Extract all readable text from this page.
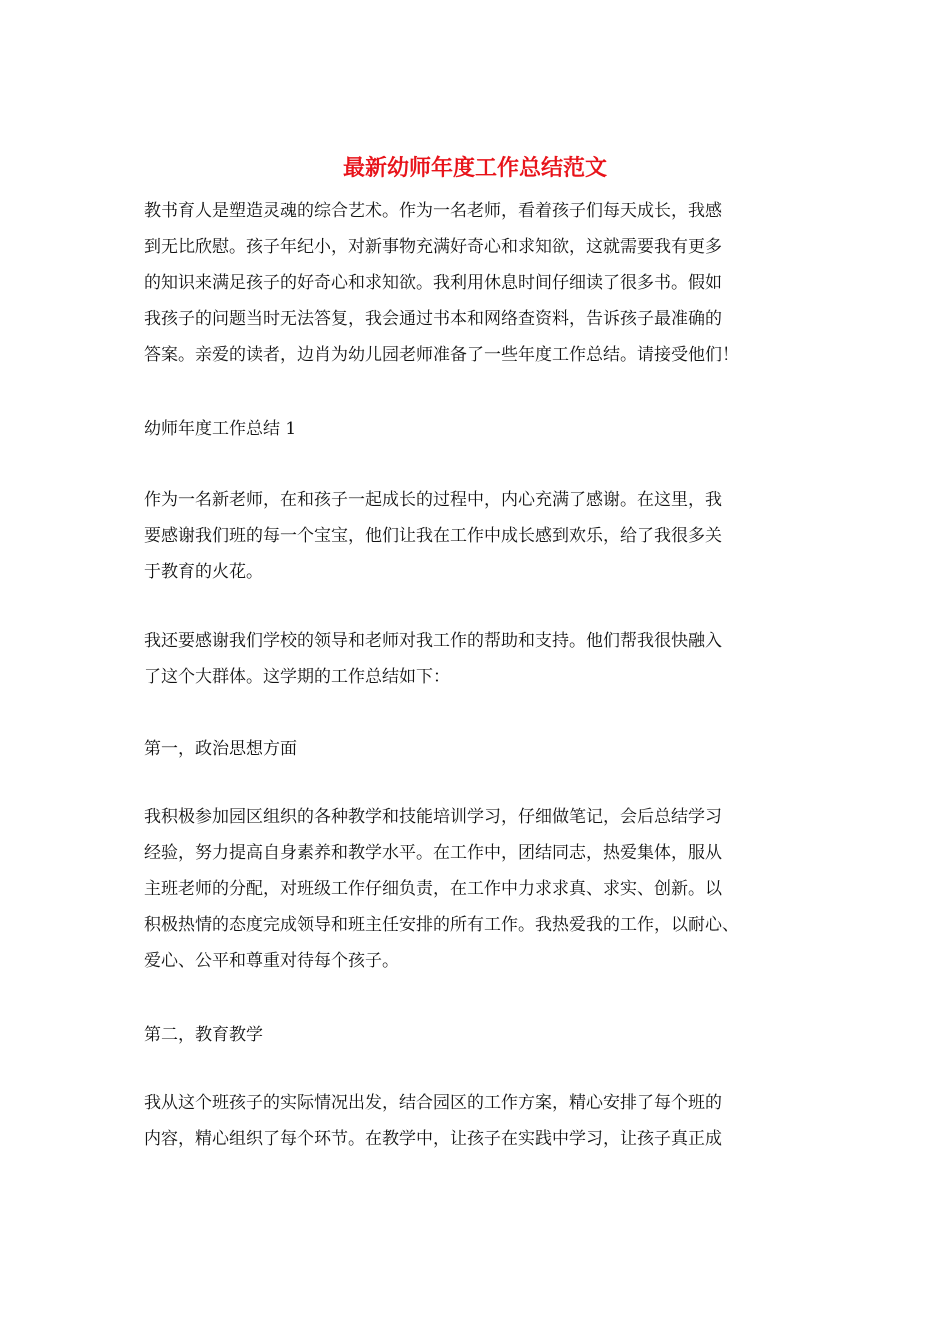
最新幼师年度工作总结范文
教书育人是塑造灵魂的综合艺术。作为一名老师，看着孩子们每天成长，我感
到无比欣慰。孩子年纪小，对新事物充满好奇心和求知欲，这就需要我有更多
的知识来满足孩子的好奇心和求知欲。我利用休息时间仔细读了很多书。假如
我孩子的问题当时无法答复，我会通过书本和网络查资料，告诉孩子最准确的
答案。亲爱的读者，边肖为幼儿园老师准备了一些年度工作总结。请接受他们！
幼师年度工作总结 1
作为一名新老师，在和孩子一起成长的过程中，内心充满了感谢。在这里，我
要感谢我们班的每一个宝宝，他们让我在工作中成长感到欢乐，给了我很多关
于教育的火花。
我还要感谢我们学校的领导和老师对我工作的帮助和支持。他们帮我很快融入
了这个大群体。这学期的工作总结如下：
第一，政治思想方面
我积极参加园区组织的各种教学和技能培训学习，仔细做笔记，会后总结学习
经验，努力提高自身素养和教学水平。在工作中，团结同志，热爱集体，服从
主班老师的分配，对班级工作仔细负责，在工作中力求求真、求实、创新。以
积极热情的态度完成领导和班主任安排的所有工作。我热爱我的工作，以耐心、
爱心、公平和尊重对待每个孩子。
第二，教育教学
我从这个班孩子的实际情况出发，结合园区的工作方案，精心安排了每个班的
内容，精心组织了每个环节。在教学中，让孩子在实践中学习，让孩子真正成
